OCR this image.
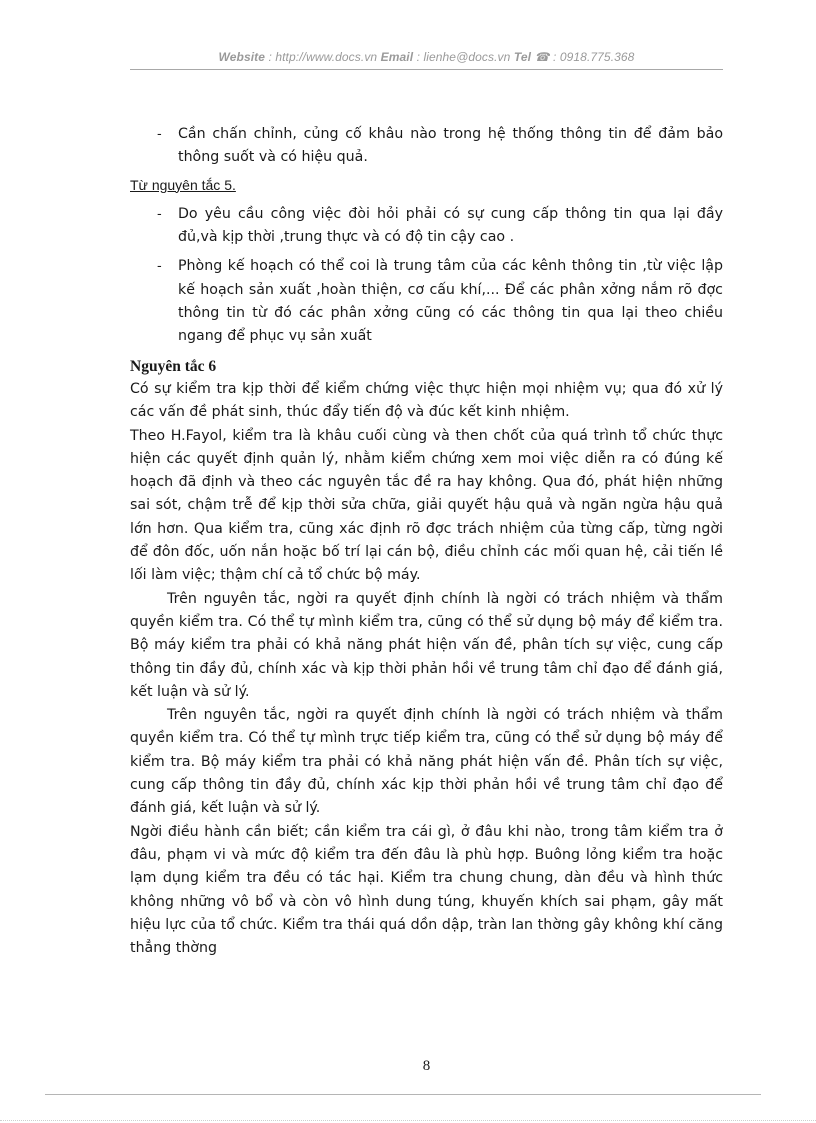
Website : http://www.docs.vn Email : lienhe@docs.vn Tel ☎ : 0918.775.368
- Cần chấn chỉnh, củng cố khâu nào trong hệ thống thông tin để đảm bảo thông suốt và có hiệu quả.
Từ nguyên tắc 5.
- Do yêu cầu công việc đòi hỏi phải có sự cung cấp thông tin qua lại đầy đủ,và kịp thời ,trung thực và có độ tin cậy cao .
- Phòng kế hoạch có thể coi là trung tâm của các kênh thông tin ,từ việc lập kế hoạch sản xuất ,hoàn thiện, cơ cấu khí,... Để các phân xởng nắm rõ đợc thông tin từ đó các phân xởng cũng có các thông tin qua lại theo chiều ngang để phục vụ sản xuất

Nguyên tắc 6

Có sự kiểm tra kịp thời để kiểm chứng việc thực hiện mọi nhiệm vụ; qua đó xử lý các vấn đề phát sinh, thúc đẩy tiến độ và đúc kết kinh nhiệm.

Theo H.Fayol, kiểm tra là khâu cuối cùng và then chốt của quá trình tổ chức thực hiện các quyết định quản lý, nhằm kiểm chứng xem moi việc diễn ra có đúng kế hoạch đã định và theo các nguyên tắc đề ra hay không. Qua đó, phát hiện những sai sót, chậm trễ để kịp thời sửa chữa, giải quyết hậu quả và ngăn ngừa hậu quả lớn hơn. Qua kiểm tra, cũng xác định rõ đợc trách nhiệm của từng cấp, từng ngời để đôn đốc, uốn nắn hoặc bố trí lại cán bộ, điều chỉnh các mối quan hệ, cải tiến lề lối làm việc; thậm chí cả tổ chức bộ máy.

Trên nguyên tắc, ngời ra quyết định chính là ngời có trách nhiệm và thẩm quyền kiểm tra. Có thể tự mình kiểm tra, cũng có thể sử dụng bộ máy để kiểm tra. Bộ máy kiểm tra phải có khả năng phát hiện vấn đề, phân tích sự việc, cung cấp thông tin đầy đủ, chính xác và kịp thời phản hồi về trung tâm chỉ đạo để đánh giá, kết luận và sử lý.

Trên nguyên tắc, ngời ra quyết định chính là ngời có trách nhiệm và thẩm quyền kiểm tra. Có thể tự mình trực tiếp kiểm tra, cũng có thể sử dụng bộ máy để kiểm tra. Bộ máy kiểm tra phải có khả năng phát hiện vấn đề. Phân tích sự việc, cung cấp thông tin đầy đủ, chính xác kịp thời phản hồi về trung tâm chỉ đạo để đánh giá, kết luận và sử lý.

Ngời điều hành cần biết; cần kiểm tra cái gì, ở đâu khi nào, trong tâm kiểm tra ở đâu, phạm vi và mức độ kiểm tra đến đâu là phù hợp. Buông lỏng kiểm tra hoặc lạm dụng kiểm tra đều có tác hại. Kiểm tra chung chung, dàn đều và hình thức không những vô bổ và còn vô hình dung túng, khuyến khích sai phạm, gây mất hiệu lực của tổ chức. Kiểm tra thái quá dồn dập, tràn lan thờng gây không khí căng thẳng thờng

8
